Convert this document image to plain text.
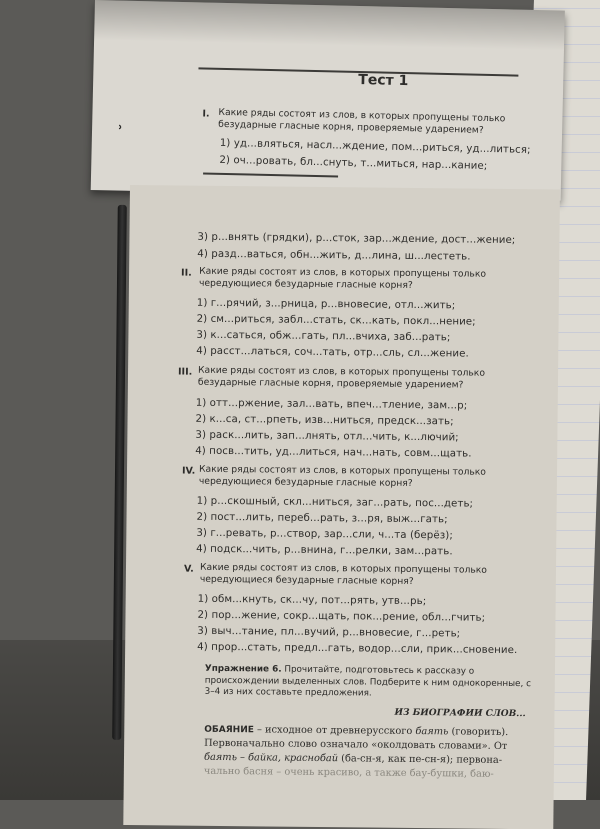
Тест 1
˒
I. Какие ряды состоят из слов, в которых пропущены только безударные гласные корня, проверяемые ударением?
1) уд...вляться, насл...ждение, пом...риться, уд...литься;
2) оч...ровать, бл...снуть, т...миться, нар...кание;
3) р...внять (грядки), р...сток, зар...ждение, дост...жение;
4) разд...ваться, обн...жить, д...лина, ш...лестеть.
II. Какие ряды состоят из слов, в которых пропущены только чередующиеся безударные гласные корня?
1) г...рячий, з...рница, р...вновесие, отл...жить;
2) см...риться, забл...стать, ск...кать, покл...нение;
3) к...саться, обж...гать, пл...вчиха, заб...рать;
4) расст...латься, соч...тать, отр...сль, сл...жение.
III. Какие ряды состоят из слов, в которых пропущены только безударные гласные корня, проверяемые ударением?
1) отт...ржение, зал...вать, впеч...тление, зам...р;
2) к...са, ст...рпеть, изв...ниться, предск...зать;
3) раск...лить, зап...лнять, отл...чить, к...лючий;
4) посв...тить, уд...литься, нач...нать, совм...щать.
IV. Какие ряды состоят из слов, в которых пропущены только чередующиеся безударные гласные корня?
1) р...скошный, скл...ниться, заг...рать, пос...деть;
2) пост...лить, переб...рать, з...ря, выж...гать;
3) г...ревать, р...створ, зар...сли, ч...та (берёз);
4) подск...чить, р...внина, г...релки, зам...рать.
V. Какие ряды состоят из слов, в которых пропущены только чередующиеся безударные гласные корня?
1) обм...кнуть, ск...чу, пот...рять, утв...рь;
2) пор...жение, сокр...щать, пок...рение, обл...гчить;
3) выч...тание, пл...вучий, р...вновесие, г...реть;
4) прор...стать, предл...гать, водор...сли, прик...сновение.
Упражнение 6. Прочитайте, подготовьтесь к рассказу о происхождении выделенных слов. Подберите к ним однокоренные, с 3–4 из них составьте предложения.
ИЗ БИОГРАФИИ СЛОВ...
ОБАЯНИЕ – исходное от древнерусского баять (говорить).
Первоначально слово означало «околдовать словами». От
баять – байка, краснобай (ба-сн-я, как пе-сн-я); первона-
чально басня – очень красиво, а также бау-бушки, баю-
